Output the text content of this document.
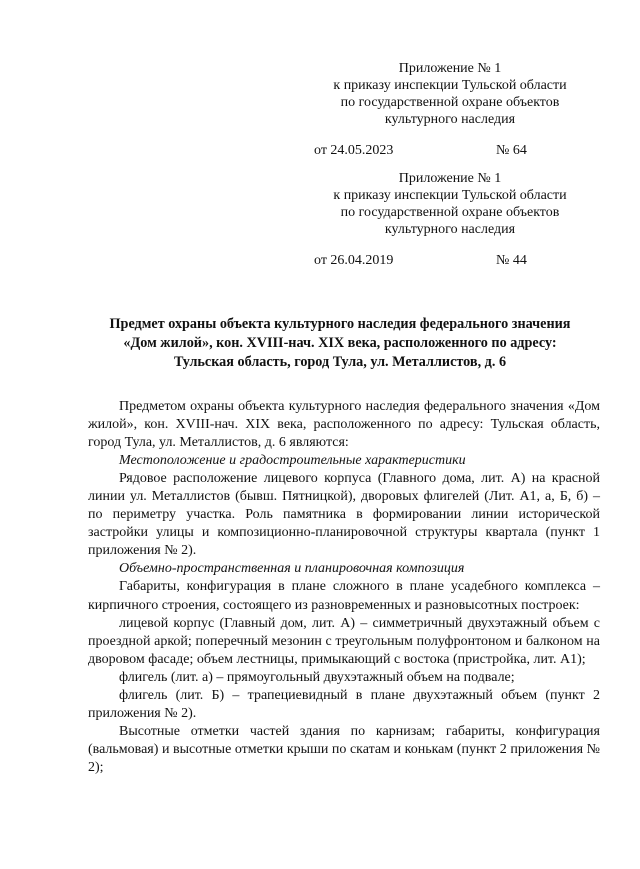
Приложение № 1
к приказу инспекции Тульской области
по государственной охране объектов
культурного наследия
от 24.05.2023	№ 64
Приложение № 1
к приказу инспекции Тульской области
по государственной охране объектов
культурного наследия
от 26.04.2019	№ 44
Предмет охраны объекта культурного наследия федерального значения
«Дом жилой», кон. XVIII-нач. XIX века, расположенного по адресу:
Тульская область, город Тула, ул. Металлистов, д. 6

Предметом охраны объекта культурного наследия федерального значения «Дом жилой», кон. XVIII-нач. XIX века, расположенного по адресу: Тульская область, город Тула, ул. Металлистов, д. 6 являются:

Местоположение и градостроительные характеристики

Рядовое расположение лицевого корпуса (Главного дома, лит. А) на красной линии ул. Металлистов (бывш. Пятницкой), дворовых флигелей (Лит. А1, а, Б, б) – по периметру участка. Роль памятника в формировании линии исторической застройки улицы и композиционно-планировочной структуры квартала (пункт 1 приложения № 2).

Объемно-пространственная и планировочная композиция

Габариты, конфигурация в плане сложного в плане усадебного комплекса – кирпичного строения, состоящего из разновременных и разновысотных построек:

лицевой корпус (Главный дом, лит. А) – симметричный двухэтажный объем с проездной аркой; поперечный мезонин с треугольным полуфронтоном и балконом на дворовом фасаде; объем лестницы, примыкающий с востока (пристройка, лит. А1);

флигель (лит. а) – прямоугольный двухэтажный объем на подвале;

флигель (лит. Б) – трапециевидный в плане двухэтажный объем (пункт 2 приложения № 2).

Высотные отметки частей здания по карнизам; габариты, конфигурация (вальмовая) и высотные отметки крыши по скатам и конькам (пункт 2 приложения № 2);
